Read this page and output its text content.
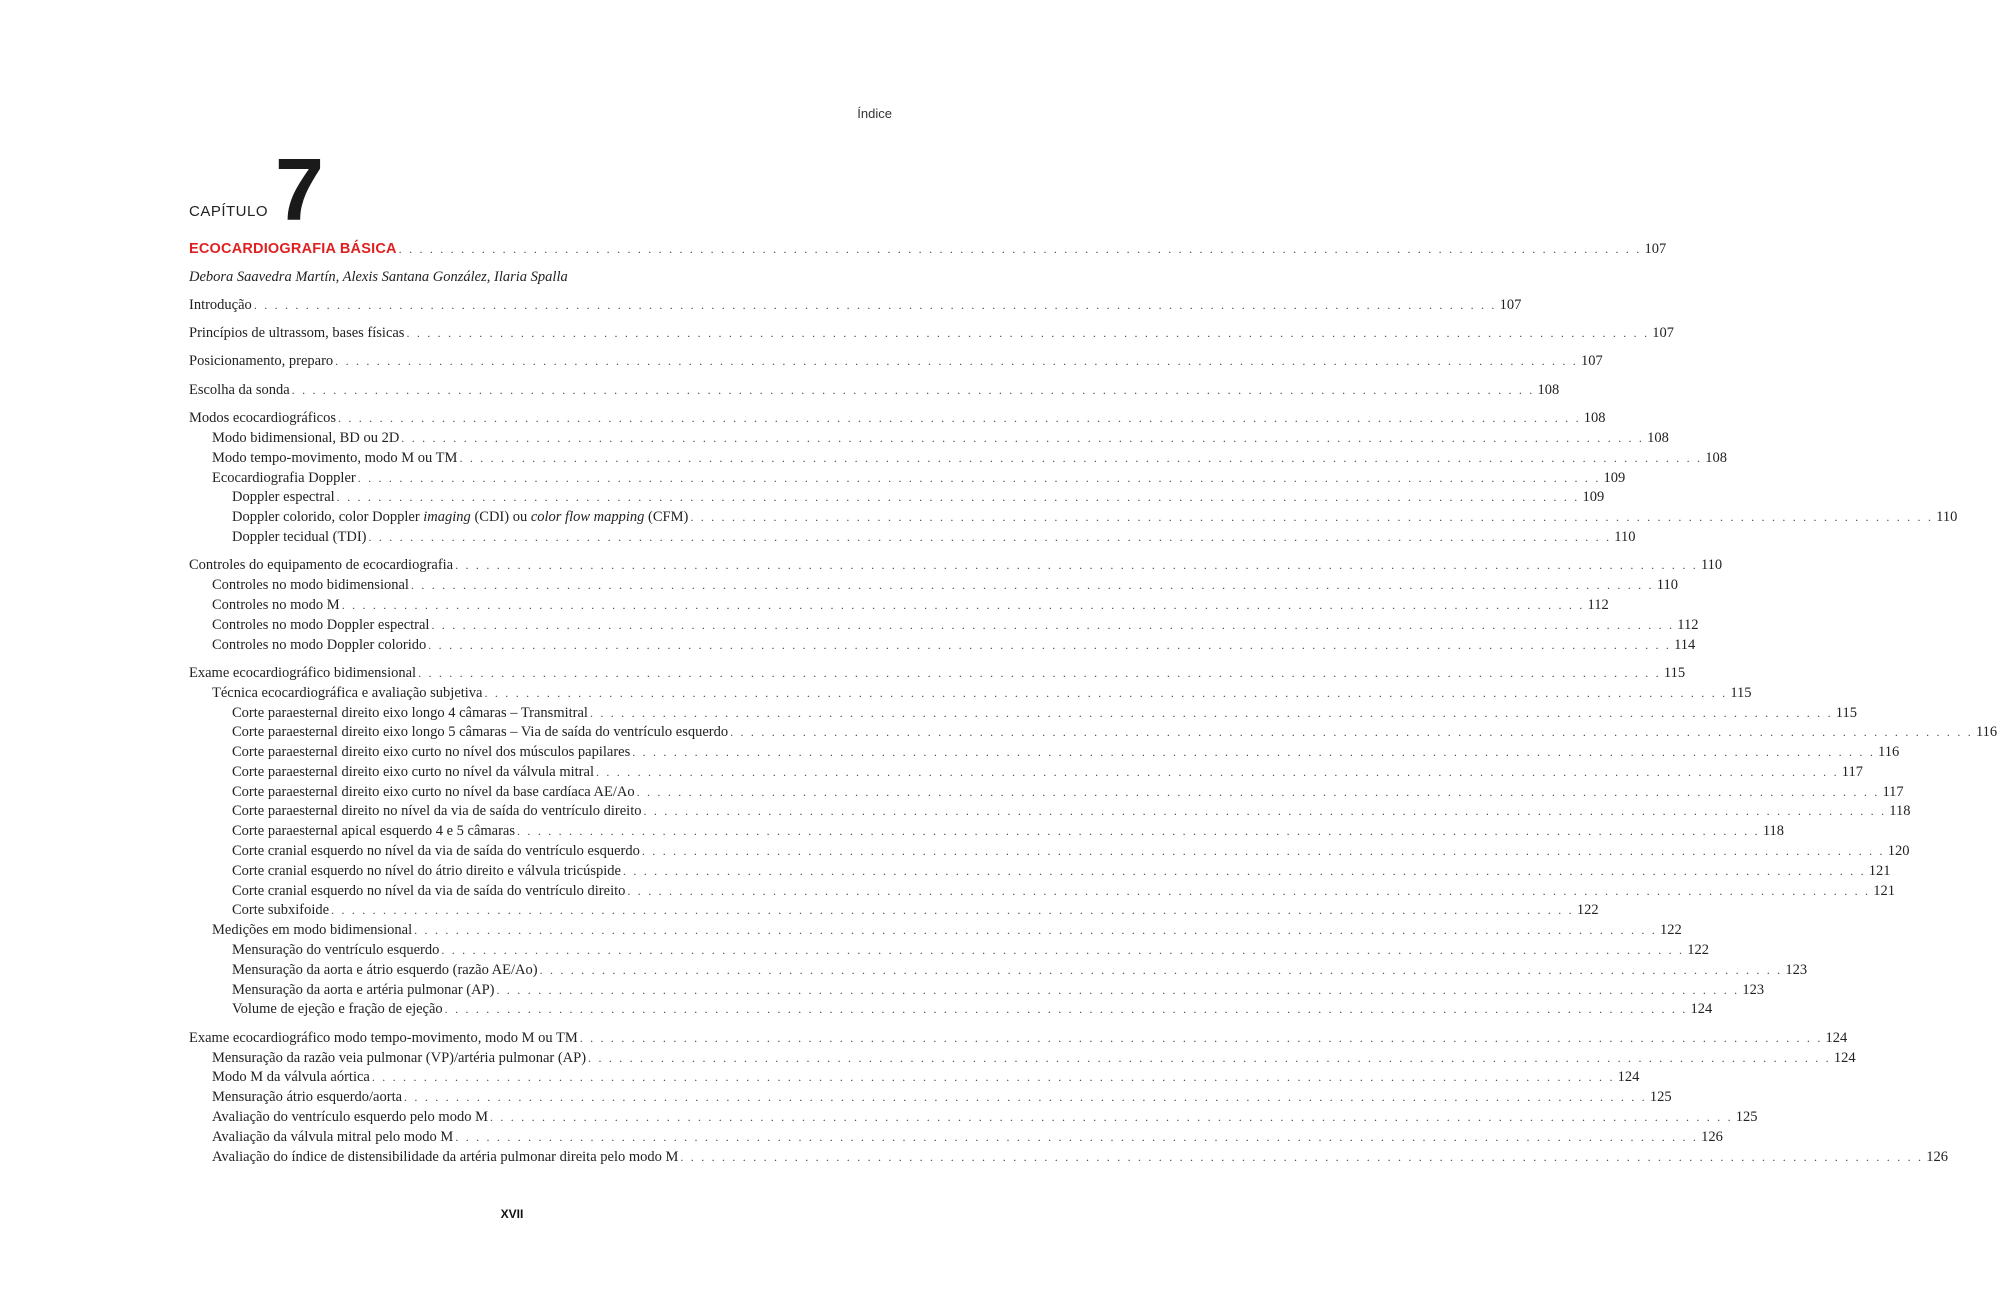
Índice
CAPÍTULO 7
ECOCARDIOGRAFIA BÁSICA . . . . . . . . . . . . . . . . . . . . . . . . . . . . . . . . . . . . . . . . . . . . . . . . . . . . . . . . . . . . . . . . . . . . . . . . . . . . . . . . . . . . . . . . . . . . . . . . . . . . . . . . . . . . . . . . . . . . . . . . 107
Debora Saavedra Martín, Alexis Santana González, Ilaria Spalla
Introdução . . . . . . . . . . . . . . . . . . . . . . . . . . . . . . . . . . . . . . . . . . . . . . . . . . . . . . . . . . . . . . . . . . . . . . . . . . . . . . . . . . . . . . . . . . . . . . . . . . . . . . . . . . . . . . . . . . . . . . . . 107
Princípios de ultrassom, bases físicas . . . . . . . . . . . . . . . . . . . . . . . . . . . . . . . . . . . . . . . . . . . . . . . . . . . . . . . . . . . . . . . . . . . . . . . . . . . . . . . . . . . . . . . . . . . . . . . . . . . . . . . . . . . . . . . . . . . . . . . . 107
Posicionamento, preparo . . . . . . . . . . . . . . . . . . . . . . . . . . . . . . . . . . . . . . . . . . . . . . . . . . . . . . . . . . . . . . . . . . . . . . . . . . . . . . . . . . . . . . . . . . . . . . . . . . . . . . . . . . . . . . . . . . . . . . . . 107
Escolha da sonda . . . . . . . . . . . . . . . . . . . . . . . . . . . . . . . . . . . . . . . . . . . . . . . . . . . . . . . . . . . . . . . . . . . . . . . . . . . . . . . . . . . . . . . . . . . . . . . . . . . . . . . . . . . . . . . . . . . . . . . . 108
Modos ecocardiográficos . . . . . . . . . . . . . . . . . . . . . . . . . . . . . . . . . . . . . . . . . . . . . . . . . . . . . . . . . . . . . . . . . . . . . . . . . . . . . . . . . . . . . . . . . . . . . . . . . . . . . . . . . . . . . . . . . . . . . . . . 108
Modo bidimensional, BD ou 2D . . . . . . . . . . . . . . . . . . . . . . . . . . . . . . . . . . . . . . . . . . . . . . . . . . . . . . . . . . . . . . . . . . . . . . . . . . . . . . . . . . . . . . . . . . . . . . . . . . . . . . . . . . . . . . . . . . . . . . . . 108
Modo tempo-movimento, modo M ou TM . . . . . . . . . . . . . . . . . . . . . . . . . . . . . . . . . . . . . . . . . . . . . . . . . . . . . . . . . . . . . . . . . . . . . . . . . . . . . . . . . . . . . . . . . . . . . . . . . . . . . . . . . . . . . . . . . . . . . . . . 108
Ecocardiografia Doppler . . . . . . . . . . . . . . . . . . . . . . . . . . . . . . . . . . . . . . . . . . . . . . . . . . . . . . . . . . . . . . . . . . . . . . . . . . . . . . . . . . . . . . . . . . . . . . . . . . . . . . . . . . . . . . . . . . . . . . . . 109
Doppler espectral . . . . . . . . . . . . . . . . . . . . . . . . . . . . . . . . . . . . . . . . . . . . . . . . . . . . . . . . . . . . . . . . . . . . . . . . . . . . . . . . . . . . . . . . . . . . . . . . . . . . . . . . . . . . . . . . . . . . . . . . 109
Doppler colorido, color Doppler imaging (CDI) ou color flow mapping (CFM) . . . . . . . . . . . . . . . . . . . . . . . . . . . . . . . . . . . . . . . . . . . . . . . . . . . . . . . . . . . . . . . . . . . . . . . . . . . . . . . . . . . . . . . . . . . . . . . . . . . . . . . . . . . . . . . . . . . . . . . . 110
Doppler tecidual (TDI) . . . . . . . . . . . . . . . . . . . . . . . . . . . . . . . . . . . . . . . . . . . . . . . . . . . . . . . . . . . . . . . . . . . . . . . . . . . . . . . . . . . . . . . . . . . . . . . . . . . . . . . . . . . . . . . . . . . . . . . . 110
Controles do equipamento de ecocardiografia . . . . . . . . . . . . . . . . . . . . . . . . . . . . . . . . . . . . . . . . . . . . . . . . . . . . . . . . . . . . . . . . . . . . . . . . . . . . . . . . . . . . . . . . . . . . . . . . . . . . . . . . . . . . . . . . . . . . . . . . 110
Controles no modo bidimensional . . . . . . . . . . . . . . . . . . . . . . . . . . . . . . . . . . . . . . . . . . . . . . . . . . . . . . . . . . . . . . . . . . . . . . . . . . . . . . . . . . . . . . . . . . . . . . . . . . . . . . . . . . . . . . . . . . . . . . . . 110
Controles no modo M . . . . . . . . . . . . . . . . . . . . . . . . . . . . . . . . . . . . . . . . . . . . . . . . . . . . . . . . . . . . . . . . . . . . . . . . . . . . . . . . . . . . . . . . . . . . . . . . . . . . . . . . . . . . . . . . . . . . . . . . 112
Controles no modo Doppler espectral . . . . . . . . . . . . . . . . . . . . . . . . . . . . . . . . . . . . . . . . . . . . . . . . . . . . . . . . . . . . . . . . . . . . . . . . . . . . . . . . . . . . . . . . . . . . . . . . . . . . . . . . . . . . . . . . . . . . . . . . 112
Controles no modo Doppler colorido . . . . . . . . . . . . . . . . . . . . . . . . . . . . . . . . . . . . . . . . . . . . . . . . . . . . . . . . . . . . . . . . . . . . . . . . . . . . . . . . . . . . . . . . . . . . . . . . . . . . . . . . . . . . . . . . . . . . . . . . 114
Exame ecocardiográfico bidimensional . . . . . . . . . . . . . . . . . . . . . . . . . . . . . . . . . . . . . . . . . . . . . . . . . . . . . . . . . . . . . . . . . . . . . . . . . . . . . . . . . . . . . . . . . . . . . . . . . . . . . . . . . . . . . . . . . . . . . . . . 115
Técnica ecocardiográfica e avaliação subjetiva . . . . . . . . . . . . . . . . . . . . . . . . . . . . . . . . . . . . . . . . . . . . . . . . . . . . . . . . . . . . . . . . . . . . . . . . . . . . . . . . . . . . . . . . . . . . . . . . . . . . . . . . . . . . . . . . . . . . . . . . 115
Corte paraesternal direito eixo longo 4 câmaras – Transmitral . . . . . . . . . . . . . . . . . . . . . . . . . . . . . . . . . . . . . . . . . . . . . . . . . . . . . . . . . . . . . . . . . . . . . . . . . . . . . . . . . . . . . . . . . . . . . . . . . . . . . . . . . . . . . . . . . . . . . . . . 115
Corte paraesternal direito eixo longo 5 câmaras – Via de saída do ventrículo esquerdo . . . . . . . . . . . . . . . . . . . . . . . . . . . . . . . . . . . . . . . . . . . . . . . . . . . . . . . . . . . . . . . . . . . . . . . . . . . . . . . . . . . . . . . . . . . . . . . . . . . . . . . . . . . . . . . . . . . . . . . . 116
Corte paraesternal direito eixo curto no nível dos músculos papilares . . . . . . . . . . . . . . . . . . . . . . . . . . . . . . . . . . . . . . . . . . . . . . . . . . . . . . . . . . . . . . . . . . . . . . . . . . . . . . . . . . . . . . . . . . . . . . . . . . . . . . . . . . . . . . . . . . . . . . . . 116
Corte paraesternal direito eixo curto no nível da válvula mitral . . . . . . . . . . . . . . . . . . . . . . . . . . . . . . . . . . . . . . . . . . . . . . . . . . . . . . . . . . . . . . . . . . . . . . . . . . . . . . . . . . . . . . . . . . . . . . . . . . . . . . . . . . . . . . . . . . . . . . . . 117
Corte paraesternal direito eixo curto no nível da base cardíaca AE/Ao . . . . . . . . . . . . . . . . . . . . . . . . . . . . . . . . . . . . . . . . . . . . . . . . . . . . . . . . . . . . . . . . . . . . . . . . . . . . . . . . . . . . . . . . . . . . . . . . . . . . . . . . . . . . . . . . . . . . . . . . 117
Corte paraesternal direito no nível da via de saída do ventrículo direito . . . . . . . . . . . . . . . . . . . . . . . . . . . . . . . . . . . . . . . . . . . . . . . . . . . . . . . . . . . . . . . . . . . . . . . . . . . . . . . . . . . . . . . . . . . . . . . . . . . . . . . . . . . . . . . . . . . . . . . . 118
Corte paraesternal apical esquerdo 4 e 5 câmaras . . . . . . . . . . . . . . . . . . . . . . . . . . . . . . . . . . . . . . . . . . . . . . . . . . . . . . . . . . . . . . . . . . . . . . . . . . . . . . . . . . . . . . . . . . . . . . . . . . . . . . . . . . . . . . . . . . . . . . . . 118
Corte cranial esquerdo no nível da via de saída do ventrículo esquerdo . . . . . . . . . . . . . . . . . . . . . . . . . . . . . . . . . . . . . . . . . . . . . . . . . . . . . . . . . . . . . . . . . . . . . . . . . . . . . . . . . . . . . . . . . . . . . . . . . . . . . . . . . . . . . . . . . . . . . . . . 120
Corte cranial esquerdo no nível do átrio direito e válvula tricúspide . . . . . . . . . . . . . . . . . . . . . . . . . . . . . . . . . . . . . . . . . . . . . . . . . . . . . . . . . . . . . . . . . . . . . . . . . . . . . . . . . . . . . . . . . . . . . . . . . . . . . . . . . . . . . . . . . . . . . . . . 121
Corte cranial esquerdo no nível da via de saída do ventrículo direito . . . . . . . . . . . . . . . . . . . . . . . . . . . . . . . . . . . . . . . . . . . . . . . . . . . . . . . . . . . . . . . . . . . . . . . . . . . . . . . . . . . . . . . . . . . . . . . . . . . . . . . . . . . . . . . . . . . . . . . . 121
Corte subxifoide . . . . . . . . . . . . . . . . . . . . . . . . . . . . . . . . . . . . . . . . . . . . . . . . . . . . . . . . . . . . . . . . . . . . . . . . . . . . . . . . . . . . . . . . . . . . . . . . . . . . . . . . . . . . . . . . . . . . . . . . 122
Medições em modo bidimensional . . . . . . . . . . . . . . . . . . . . . . . . . . . . . . . . . . . . . . . . . . . . . . . . . . . . . . . . . . . . . . . . . . . . . . . . . . . . . . . . . . . . . . . . . . . . . . . . . . . . . . . . . . . . . . . . . . . . . . . . 122
Mensuração do ventrículo esquerdo . . . . . . . . . . . . . . . . . . . . . . . . . . . . . . . . . . . . . . . . . . . . . . . . . . . . . . . . . . . . . . . . . . . . . . . . . . . . . . . . . . . . . . . . . . . . . . . . . . . . . . . . . . . . . . . . . . . . . . . . 122
Mensuração da aorta e átrio esquerdo (razão AE/Ao) . . . . . . . . . . . . . . . . . . . . . . . . . . . . . . . . . . . . . . . . . . . . . . . . . . . . . . . . . . . . . . . . . . . . . . . . . . . . . . . . . . . . . . . . . . . . . . . . . . . . . . . . . . . . . . . . . . . . . . . . 123
Mensuração da aorta e artéria pulmonar (AP) . . . . . . . . . . . . . . . . . . . . . . . . . . . . . . . . . . . . . . . . . . . . . . . . . . . . . . . . . . . . . . . . . . . . . . . . . . . . . . . . . . . . . . . . . . . . . . . . . . . . . . . . . . . . . . . . . . . . . . . . 123
Volume de ejeção e fração de ejeção . . . . . . . . . . . . . . . . . . . . . . . . . . . . . . . . . . . . . . . . . . . . . . . . . . . . . . . . . . . . . . . . . . . . . . . . . . . . . . . . . . . . . . . . . . . . . . . . . . . . . . . . . . . . . . . . . . . . . . . . 124
Exame ecocardiográfico modo tempo-movimento, modo M ou TM . . . . . . . . . . . . . . . . . . . . . . . . . . . . . . . . . . . . . . . . . . . . . . . . . . . . . . . . . . . . . . . . . . . . . . . . . . . . . . . . . . . . . . . . . . . . . . . . . . . . . . . . . . . . . . . . . . . . . . . . 124
Mensuração da razão veia pulmonar (VP)/artéria pulmonar (AP) . . . . . . . . . . . . . . . . . . . . . . . . . . . . . . . . . . . . . . . . . . . . . . . . . . . . . . . . . . . . . . . . . . . . . . . . . . . . . . . . . . . . . . . . . . . . . . . . . . . . . . . . . . . . . . . . . . . . . . . . 124
Modo M da válvula aórtica . . . . . . . . . . . . . . . . . . . . . . . . . . . . . . . . . . . . . . . . . . . . . . . . . . . . . . . . . . . . . . . . . . . . . . . . . . . . . . . . . . . . . . . . . . . . . . . . . . . . . . . . . . . . . . . . . . . . . . . . 124
Mensuração átrio esquerdo/aorta . . . . . . . . . . . . . . . . . . . . . . . . . . . . . . . . . . . . . . . . . . . . . . . . . . . . . . . . . . . . . . . . . . . . . . . . . . . . . . . . . . . . . . . . . . . . . . . . . . . . . . . . . . . . . . . . . . . . . . . . 125
Avaliação do ventrículo esquerdo pelo modo M . . . . . . . . . . . . . . . . . . . . . . . . . . . . . . . . . . . . . . . . . . . . . . . . . . . . . . . . . . . . . . . . . . . . . . . . . . . . . . . . . . . . . . . . . . . . . . . . . . . . . . . . . . . . . . . . . . . . . . . . 125
Avaliação da válvula mitral pelo modo M . . . . . . . . . . . . . . . . . . . . . . . . . . . . . . . . . . . . . . . . . . . . . . . . . . . . . . . . . . . . . . . . . . . . . . . . . . . . . . . . . . . . . . . . . . . . . . . . . . . . . . . . . . . . . . . . . . . . . . . . 126
Avaliação do índice de distensibilidade da artéria pulmonar direita pelo modo M . . . . . . . . . . . . . . . . . . . . . . . . . . . . . . . . . . . . . . . . . . . . . . . . . . . . . . . . . . . . . . . . . . . . . . . . . . . . . . . . . . . . . . . . . . . . . . . . . . . . . . . . . . . . . . . . . . . . . . . . 126
XVII
